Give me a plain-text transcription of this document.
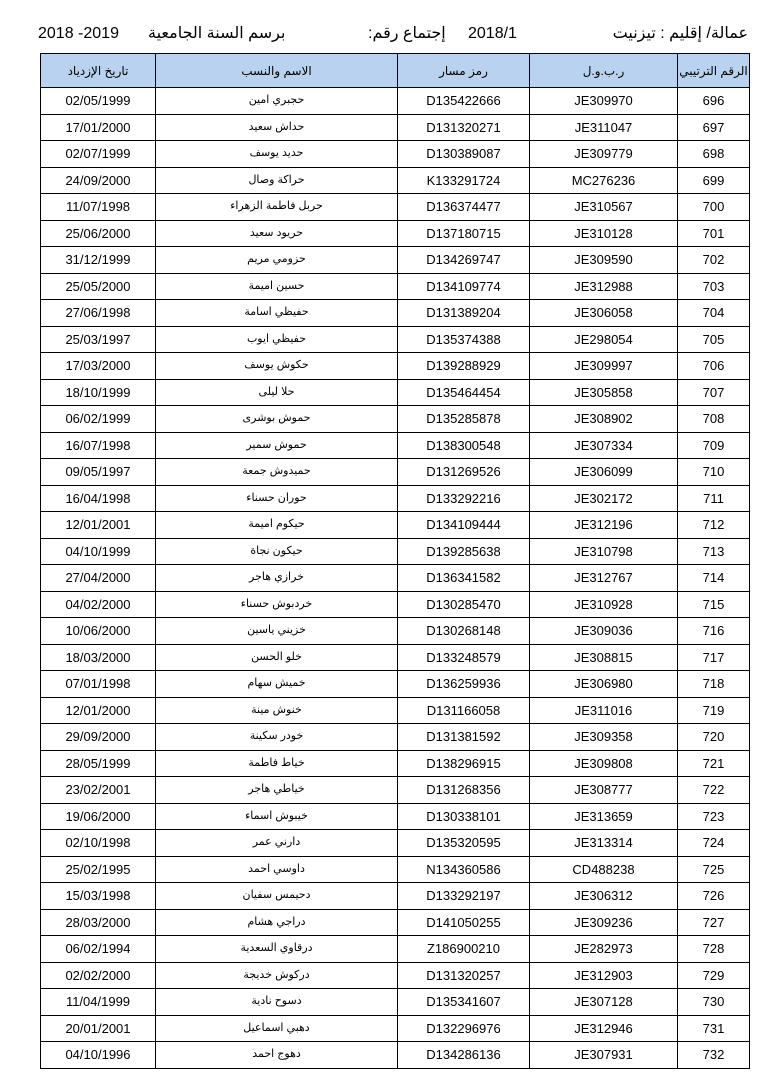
2018 -2019 برسم السنة الجامعية	2018/1
إجتماع رقم:	عمالة/ إقليم : تيزنيت
تاريخ الإزدياد	الاسم والنسب	رمز مسار	ر.ب.و.ل	الرقم الترتيبي
02/05/1999	حجبري امين	D135422666	JE309970	696
17/01/2000	حداش سعيد	D131320271	JE311047	697
02/07/1999	حديد يوسف	D130389087	JE309779	698
24/09/2000	حراكة وصال	K133291724	MC276236	699
11/07/1998	حربل فاطمة الزهراء	D136374477	JE310567	700
25/06/2000	حريود سعيد	D137180715	JE310128	701
31/12/1999	حزومي مريم	D134269747	JE309590	702
25/05/2000	حسين اميمة	D134109774	JE312988	703
27/06/1998	حفيظي اسامة	D131389204	JE306058	704
25/03/1997	حفيظي ايوب	D135374388	JE298054	705
17/03/2000	حكوش يوسف	D139288929	JE309997	706
18/10/1999	حلا ليلى	D135464454	JE305858	707
06/02/1999	حموش بوشرى	D135285878	JE308902	708
16/07/1998	حموش سمير	D138300548	JE307334	709
09/05/1997	حميدوش جمعة	D131269526	JE306099	710
16/04/1998	حوران حسناء	D133292216	JE302172	711
12/01/2001	حيكوم اميمة	D134109444	JE312196	712
04/10/1999	حيكون نجاة	D139285638	JE310798	713
27/04/2000	خرازي هاجر	D136341582	JE312767	714
04/02/2000	خردبوش حسناء	D130285470	JE310928	715
10/06/2000	خزيني ياسين	D130268148	JE309036	716
18/03/2000	خلو الحسن	D133248579	JE308815	717
07/01/1998	خميش سهام	D136259936	JE306980	718
12/01/2000	خنوش مينة	D131166058	JE311016	719
29/09/2000	خودر سكينة	D131381592	JE309358	720
28/05/1999	خياط فاطمة	D138296915	JE309808	721
23/02/2001	خياطي هاجر	D131268356	JE308777	722
19/06/2000	خيبوش اسماء	D130338101	JE313659	723
02/10/1998	دارني عمر	D135320595	JE313314	724
25/02/1995	داوسي احمد	N134360586	CD488238	725
15/03/1998	دحيمس سفيان	D133292197	JE306312	726
28/03/2000	دراجي هشام	D141050255	JE309236	727
06/02/1994	درقاوي السعدية	Z186900210	JE282973	728
02/02/2000	دركوش خديجة	D131320257	JE312903	729
11/04/1999	دسوح نادية	D135341607	JE307128	730
20/01/2001	دهبي اسماعيل	D132296976	JE312946	731
04/10/1996	دهوج احمد	D134286136	JE307931	732
